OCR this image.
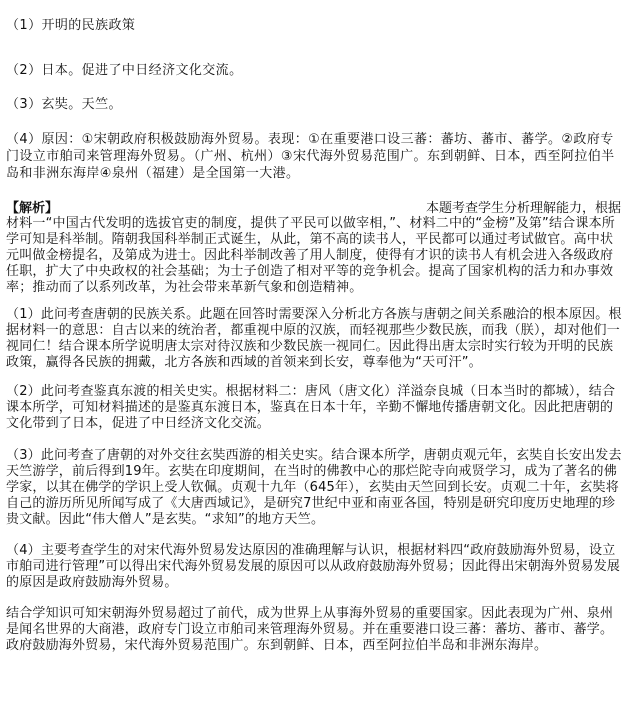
（1）开明的民族政策

（2）日本。促进了中日经济文化交流。

（3）玄奘。天竺。

（4）原因：①宋朝政府积极鼓励海外贸易。表现：①在重要港口设三蕃：蕃坊、蕃市、蕃学。②政府专门设立市舶司来管理海外贸易。（广州、杭州）③宋代海外贸易范围广。东到朝鲜、日本，西至阿拉伯半岛和非洲东海岸④泉州（福建）是全国第一大港。

【解析】	本题考查学生分析理解能力，根据

材料一“中国古代发明的选拔官吏的制度，提供了平民可以做宰相，”、材料二中的“金榜”及第”结合课本所学可知是科举制。隋朝我国科举制正式诞生，从此，第不高的读书人，平民都可以通过考试做官。高中状元叫做金榜提名，及第成为进士。因此科举制改善了用人制度，使得有才识的读书人有机会进入各级政府任职，扩大了中央政权的社会基础；为士子创造了相对平等的竞争机会。提高了国家机构的活力和办事效率；推动而了以系列改革，为社会带来革新气象和创造精神。

（1）此问考查唐朝的民族关系。此题在回答时需要深入分析北方各族与唐朝之间关系融洽的根本原因。根据材料一的意思：自古以来的统治者，都重视中原的汉族，而轻视那些少数民族，而我（朕），却对他们一视同仁！结合课本所学说明唐太宗对待汉族和少数民族一视同仁。因此得出唐太宗时实行较为开明的民族政策，赢得各民族的拥戴，北方各族和西域的首领来到长安，尊奉他为“天可汗”。

（2）此问考查鉴真东渡的相关史实。根据材料二：唐风（唐文化）洋溢奈良城（日本当时的都城），结合课本所学，可知材料描述的是鉴真东渡日本，鉴真在日本十年，辛勤不懈地传播唐朝文化。因此把唐朝的文化带到了日本，促进了中日经济文化交流。

（3）此问考查了唐朝的对外交往玄奘西游的相关史实。结合课本所学，唐朝贞观元年，玄奘自长安出发去天竺游学，前后得到19年。玄奘在印度期间，在当时的佛教中心的那烂陀寺向戒贤学习，成为了著名的佛学家，以其在佛学的学识上受人钦佩。贞观十九年（645年），玄奘由天竺回到长安。贞观二十年，玄奘将自己的游历所见所闻写成了《大唐西域记》，是研究7世纪中亚和南亚各国，特别是研究印度历史地理的珍贵文献。因此“伟大僧人”是玄奘。“求知”的地方天竺。

（4）主要考查学生的对宋代海外贸易发达原因的准确理解与认识，根据材料四“政府鼓励海外贸易，设立市舶司进行管理”可以得出宋代海外贸易发展的原因可以从政府鼓励海外贸易；因此得出宋朝海外贸易发展的原因是政府鼓励海外贸易。

结合学知识可知宋朝海外贸易超过了前代，成为世界上从事海外贸易的重要国家。因此表现为广州、泉州是闻名世界的大商港，政府专门设立市舶司来管理海外贸易。并在重要港口设三蕃：蕃坊、蕃市、蕃学。政府鼓励海外贸易，宋代海外贸易范围广。东到朝鲜、日本，西至阿拉伯半岛和非洲东海岸。
